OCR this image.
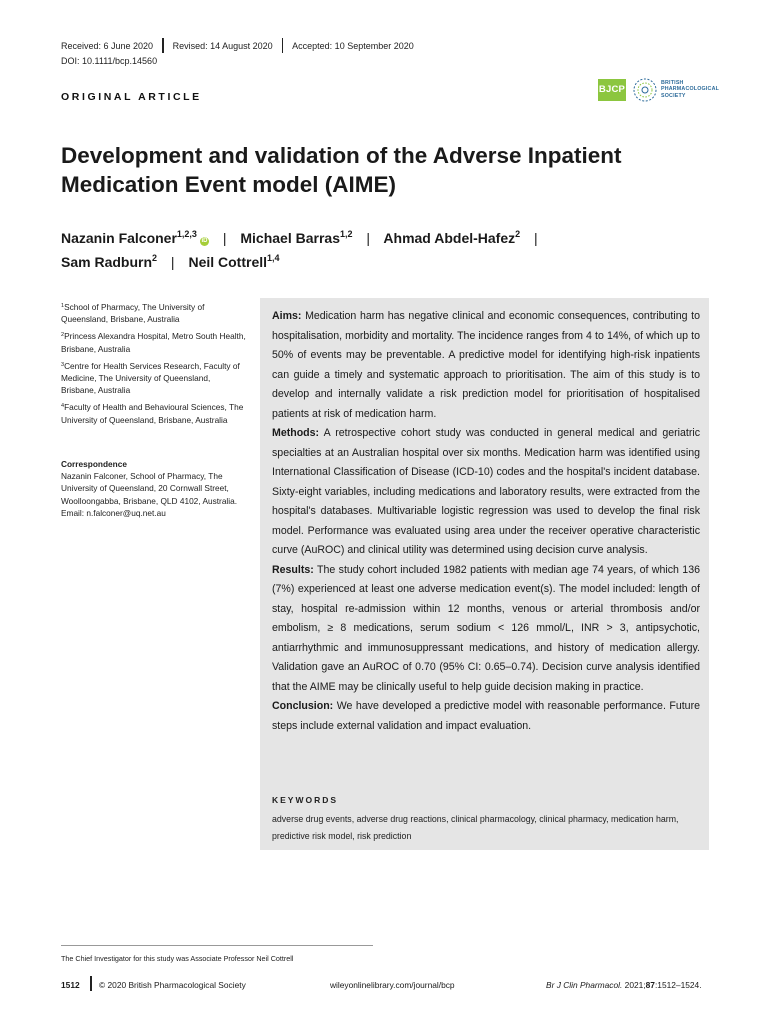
Received: 6 June 2020 Revised: 14 August 2020 Accepted: 10 September 2020
DOI: 10.1111/bcp.14560
ORIGINAL ARTICLE
BJCP
BRITISH
PHARMACOLOGICAL
SOCIETY
Development and validation of the Adverse Inpatient Medication Event model (AIME)
Nazanin Falconer$^{1,2,3}$iD | Michael Barras$^{1,2}$ | Ahmad Abdel-Hafez$^2$ |
Sam Radburn$^2$ | Neil Cottrell$^{1,4}$

$^1$School of Pharmacy, The University of Queensland, Brisbane, Australia

$^2$Princess Alexandra Hospital, Metro South Health, Brisbane, Australia

$^3$Centre for Health Services Research, Faculty of Medicine, The University of Queensland, Brisbane, Australia

$^4$Faculty of Health and Behavioural Sciences, The University of Queensland, Brisbane, Australia

Correspondence
Nazanin Falconer, School of Pharmacy, The University of Queensland, 20 Cornwall Street, Woolloongabba, Brisbane, QLD 4102, Australia.
Email: n.falconer@uq.net.au

Aims: Medication harm has negative clinical and economic consequences, contributing to hospitalisation, morbidity and mortality. The incidence ranges from 4 to 14%, of which up to 50% of events may be preventable. A predictive model for identifying high-risk inpatients can guide a timely and systematic approach to prioritisation. The aim of this study is to develop and internally validate a risk prediction model for prioritisation of hospitalised patients at risk of medication harm.

Methods: A retrospective cohort study was conducted in general medical and geriatric specialties at an Australian hospital over six months. Medication harm was identified using International Classification of Disease (ICD-10) codes and the hospital's incident database. Sixty-eight variables, including medications and laboratory results, were extracted from the hospital's databases. Multivariable logistic regression was used to develop the final risk model. Performance was evaluated using area under the receiver operative characteristic curve (AuROC) and clinical utility was determined using decision curve analysis.

Results: The study cohort included 1982 patients with median age 74 years, of which 136 (7%) experienced at least one adverse medication event(s). The model included: length of stay, hospital re-admission within 12 months, venous or arterial thrombosis and/or embolism, ≥ 8 medications, serum sodium < 126 mmol/L, INR > 3, antipsychotic, antiarrhythmic and immunosuppressant medications, and history of medication allergy. Validation gave an AuROC of 0.70 (95% CI: 0.65–0.74). Decision curve analysis identified that the AIME may be clinically useful to help guide decision making in practice.

Conclusion: We have developed a predictive model with reasonable performance. Future steps include external validation and impact evaluation.

KEYWORDS
adverse drug events, adverse drug reactions, clinical pharmacology, clinical pharmacy, medication harm, predictive risk model, risk prediction
The Chief Investigator for this study was Associate Professor Neil Cottrell
1512 © 2020 British Pharmacological Society	wileyonlinelibrary.com/journal/bcp	Br J Clin Pharmacol. 2021;87:1512–1524.
